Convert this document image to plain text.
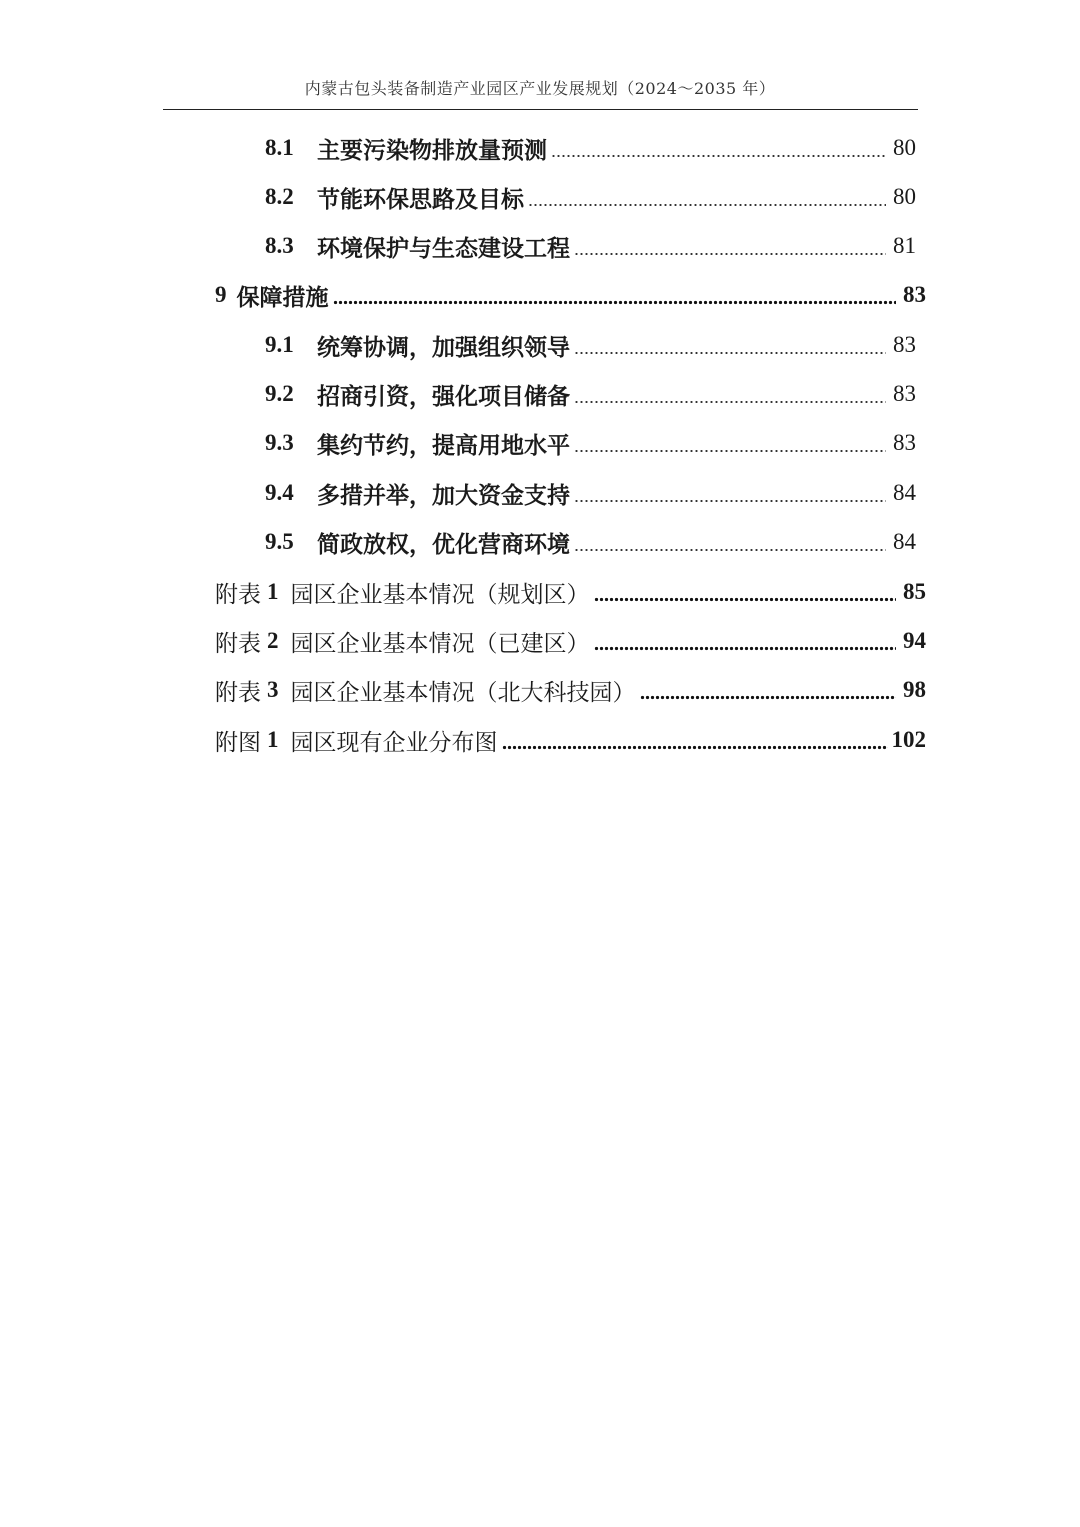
内蒙古包头装备制造产业园区产业发展规划（2024～2035 年）
8.1	主要污染物排放量预测	80
8.2	节能环保思路及目标	80
8.3	环境保护与生态建设工程	81
9 保障措施	83
9.1	统筹协调，加强组织领导	83
9.2	招商引资，强化项目储备	83
9.3	集约节约，提高用地水平	83
9.4	多措并举，加大资金支持	84
9.5	简政放权，优化营商环境	84
附表 1 园区企业基本情况（规划区）	85
附表 2 园区企业基本情况（已建区）	94
附表 3 园区企业基本情况（北大科技园）	98
附图 1 园区现有企业分布图	102
